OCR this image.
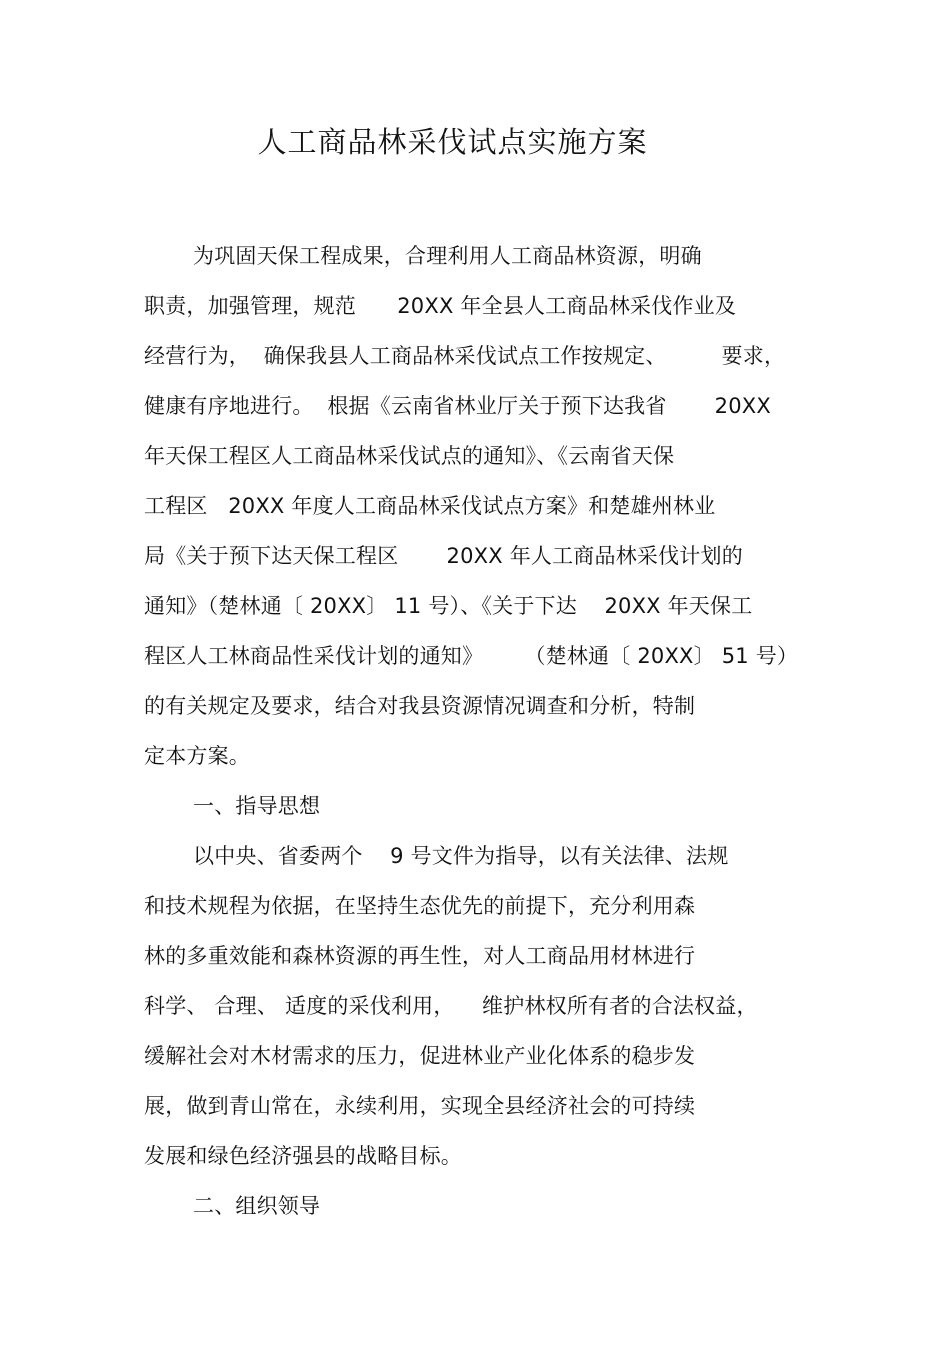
人工商品林采伐试点实施方案
为巩固天保工程成果，合理利用人工商品林资源，明确
职责，加强管理，规范      20XX 年全县人工商品林采伐作业及
经营行为，  确保我县人工商品林采伐试点工作按规定、        要求，
健康有序地进行。  根据《云南省林业厅关于预下达我省       20XX
年天保工程区人工商品林采伐试点的通知》、《云南省天保
工程区   20XX 年度人工商品林采伐试点方案》和楚雄州林业
局《关于预下达天保工程区       20XX 年人工商品林采伐计划的
通知》（楚林通〔 20XX〕 11 号）、《关于下达    20XX 年天保工
程区人工林商品性采伐计划的通知》      （楚林通〔 20XX〕 51 号）
的有关规定及要求，结合对我县资源情况调查和分析，特制
定本方案。
一、指导思想
以中央、省委两个    9 号文件为指导，以有关法律、法规
和技术规程为依据，在坚持生态优先的前提下，充分利用森
林的多重效能和森林资源的再生性，对人工商品用材林进行
科学、 合理、 适度的采伐利用，    维护林权所有者的合法权益，
缓解社会对木材需求的压力，促进林业产业化体系的稳步发
展，做到青山常在，永续利用，实现全县经济社会的可持续
发展和绿色经济强县的战略目标。
二、组织领导
